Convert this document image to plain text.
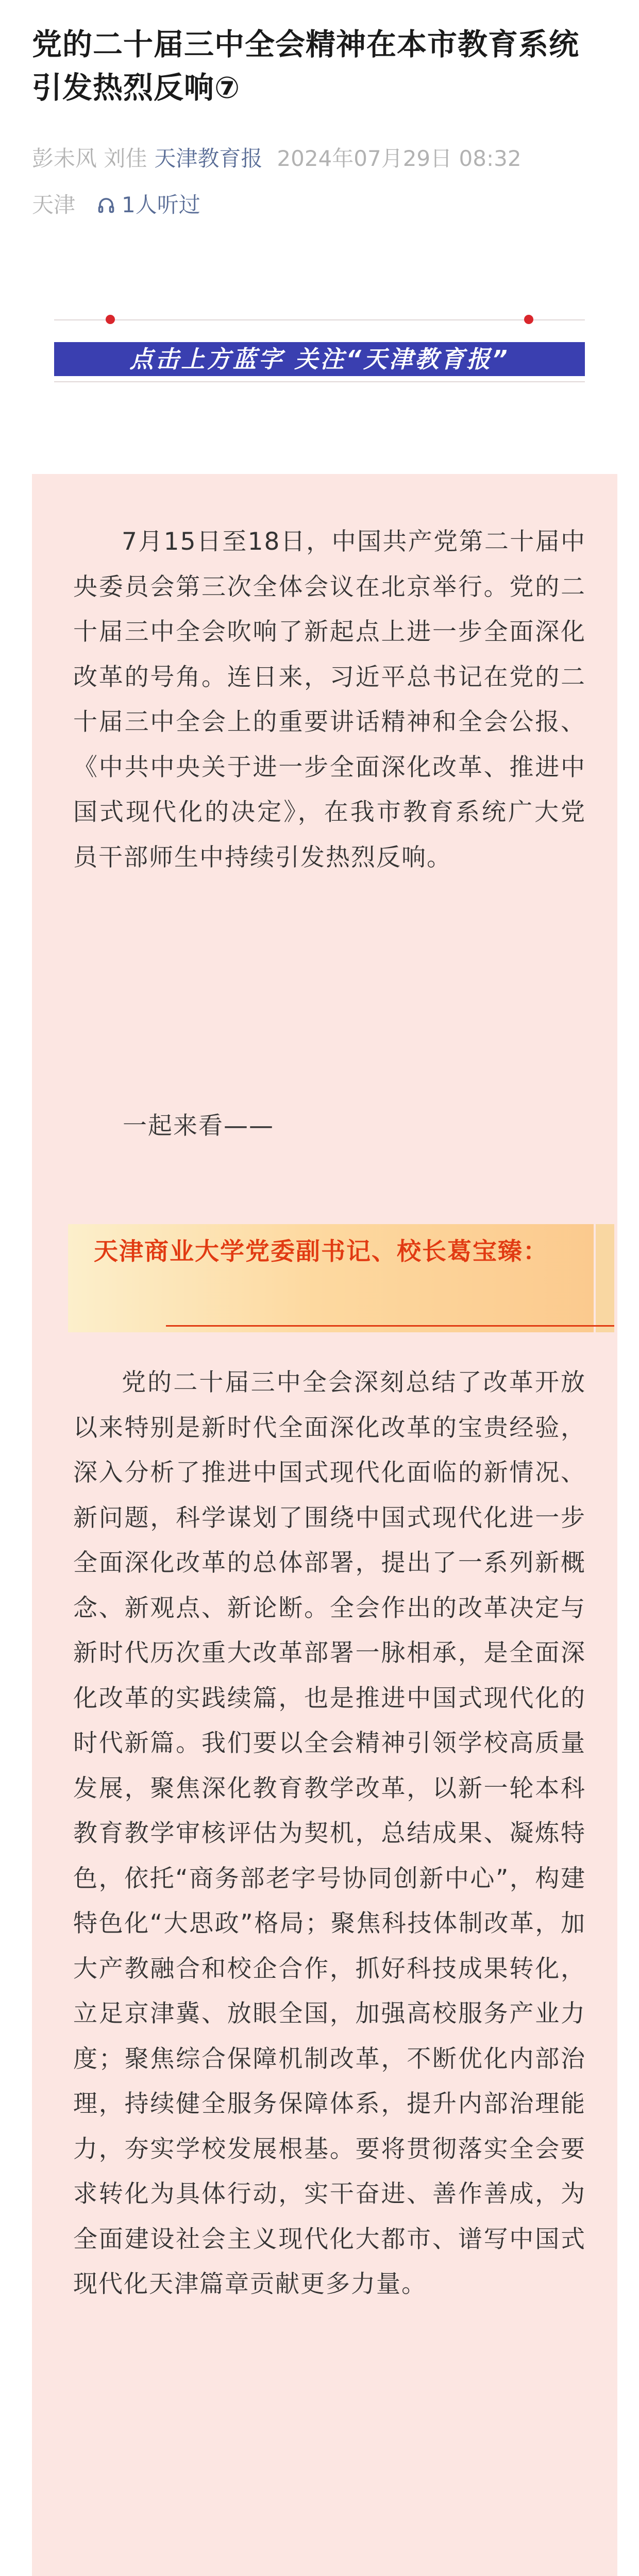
党的二十届三中全会精神在本市教育系统引发热烈反响⑦
彭未风 刘佳 天津教育报 2024年07月29日 08:32
天津 1人听过
点击上方蓝字 关注“天津教育报”

7月15日至18日，中国共产党第二十届中央委员会第三次全体会议在北京举行。党的二十届三中全会吹响了新起点上进一步全面深化改革的号角。连日来，习近平总书记在党的二十届三中全会上的重要讲话精神和全会公报、《中共中央关于进一步全面深化改革、推进中国式现代化的决定》，在我市教育系统广大党员干部师生中持续引发热烈反响。

一起来看——
天津商业大学党委副书记、校长葛宝臻：

党的二十届三中全会深刻总结了改革开放以来特别是新时代全面深化改革的宝贵经验，深入分析了推进中国式现代化面临的新情况、新问题，科学谋划了围绕中国式现代化进一步全面深化改革的总体部署，提出了一系列新概念、新观点、新论断。全会作出的改革决定与新时代历次重大改革部署一脉相承，是全面深化改革的实践续篇，也是推进中国式现代化的时代新篇。我们要以全会精神引领学校高质量发展，聚焦深化教育教学改革，以新一轮本科教育教学审核评估为契机，总结成果、凝炼特色，依托“商务部老字号协同创新中心”，构建特色化“大思政”格局；聚焦科技体制改革，加大产教融合和校企合作，抓好科技成果转化，立足京津冀、放眼全国，加强高校服务产业力度；聚焦综合保障机制改革，不断优化内部治理，持续健全服务保障体系，提升内部治理能力，夯实学校发展根基。要将贯彻落实全会要求转化为具体行动，实干奋进、善作善成，为全面建设社会主义现代化大都市、谱写中国式现代化天津篇章贡献更多力量。
